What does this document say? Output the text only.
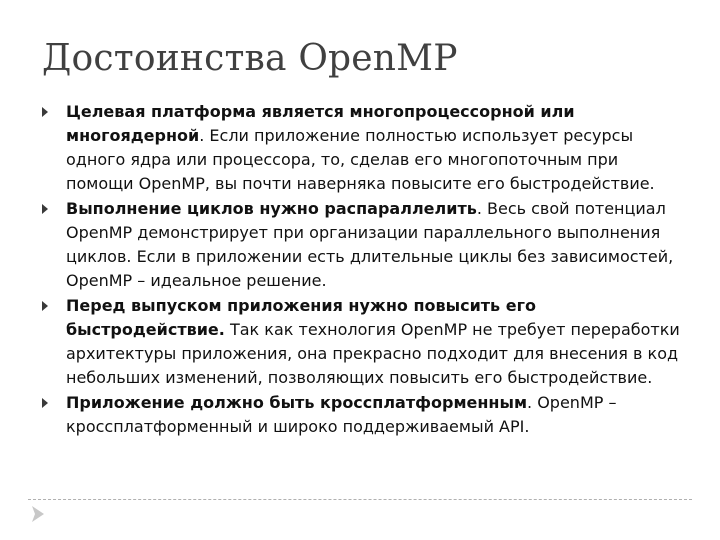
Достоинства OpenMP
Целевая платформа является многопроцессорной или многоядерной. Если приложение полностью использует ресурсы одного ядра или процессора, то, сделав его многопоточным при помощи OpenMP, вы почти наверняка повысите его быстродействие.
Выполнение циклов нужно распараллелить. Весь свой потенциал OpenMP демонстрирует при организации параллельного выполнения циклов. Если в приложении есть длительные циклы без зависимостей, OpenMP – идеальное решение.
Перед выпуском приложения нужно повысить его быстродействие. Так как технология OpenMP не требует переработки архитектуры приложения, она прекрасно подходит для внесения в код небольших изменений, позволяющих повысить его быстродействие.
Приложение должно быть кроссплатформенным. OpenMP – кроссплатформенный и широко поддерживаемый API.
